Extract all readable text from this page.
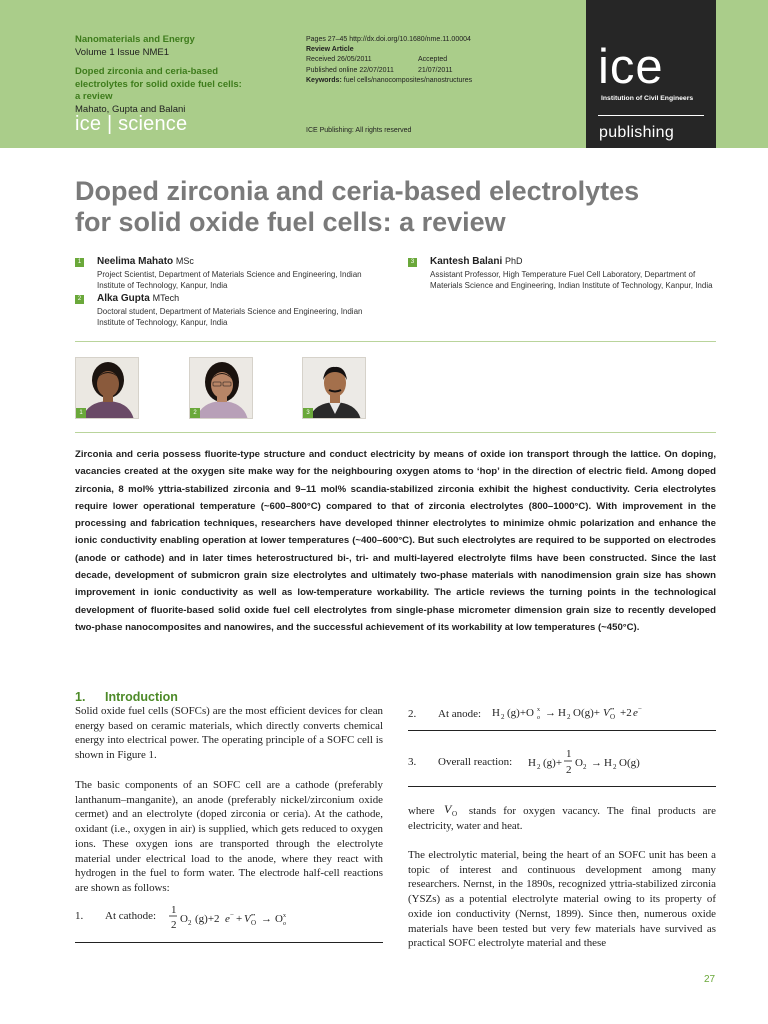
Nanomaterials and Energy
Volume 1 Issue NME1
Doped zirconia and ceria-based
electrolytes for solid oxide fuel cells:
a review
Mahato, Gupta and Balani
ice | science
Pages 27–45 http://dx.doi.org/10.1680/nme.11.00004
Review Article
Received 26/05/2011	Accepted 21/07/2011
Published online 22/07/2011
Keywords: fuel cells/nanocomposites/nanostructures
ICE Publishing: All rights reserved
ice
Institution of Civil Engineers
publishing
Doped zirconia and ceria-based electrolytes
for solid oxide fuel cells: a review
1 Neelima Mahato MSc
Project Scientist, Department of Materials Science and Engineering, Indian Institute of Technology, Kanpur, India
2 Alka Gupta MTech
Doctoral student, Department of Materials Science and Engineering, Indian Institute of Technology, Kanpur, India
3 Kantesh Balani PhD
Assistant Professor, High Temperature Fuel Cell Laboratory, Department of Materials Science and Engineering, Indian Institute of Technology, Kanpur, India
1	2	3
Zirconia and ceria possess fluorite-type structure and conduct electricity by means of oxide ion transport through the lattice. On doping, vacancies created at the oxygen site make way for the neighbouring oxygen atoms to ‘hop’ in the direction of electric field. Among doped zirconia, 8 mol% yttria-stabilized zirconia and 9–11 mol% scandia-stabilized zirconia exhibit the highest conductivity. Ceria electrolytes require lower operational temperature (~600–800°C) compared to that of zirconia electrolytes (800–1000°C). With improvement in the processing and fabrication techniques, researchers have developed thinner electrolytes to minimize ohmic polarization and enhance the ionic conductivity enabling operation at lower temperatures (~400–600°C). But such electrolytes are required to be supported on electrodes (anode or cathode) and in later times heterostructured bi-, tri- and multi-layered electrolyte films have been constructed. Since the last decade, development of submicron grain size electrolytes and ultimately two-phase materials with nanodimension grain size has shown improvement in ionic conductivity as well as low-temperature workability. The article reviews the turning points in the technological development of fluorite-based solid oxide fuel cell electrolytes from single-phase micrometer dimension grain size to recently developed two-phase nanocomposites and nanowires, and the successful achievement of its workability at low temperatures (~450°C).
1. Introduction
Solid oxide fuel cells (SOFCs) are the most efficient devices for clean energy based on ceramic materials, which directly converts chemical energy into electrical power. The operating principle of a SOFC cell is shown in Figure 1.
The basic components of an SOFC cell are a cathode (preferably lanthanum–manganite), an anode (preferably nickel/zirconium oxide cermet) and an electrolyte (doped zirconia or ceria). At the cathode, oxidant (i.e., oxygen in air) is supplied, which gets reduced to oxygen ions. These oxygen ions are transported through the electrolyte material under electrical load to the anode, where they react with hydrogen in the fuel to form water. The electrode half-cell reactions are shown as follows:
1. At cathode: 1
2 O 2 (g)+2 e − + V ••
O → O x
o
2. At anode: H 2 (g)+O x
o → H 2 O(g)+ V ••
O +2 e −
3. Overall reaction: H 2 (g)+
1
2
O 2 → H 2 O(g)
where V O stands for oxygen vacancy. The final products are electricity, water and heat.
The electrolytic material, being the heart of an SOFC unit has been a topic of interest and continuous development among many researchers. Nernst, in the 1890s, recognized yttria-stabilized zirconia (YSZs) as a potential electrolyte material owing to its property of oxide ion conductivity (Nernst, 1899). Since then, numerous oxide materials have been tested but very few materials have survived as practical SOFC electrolyte material and these
27
